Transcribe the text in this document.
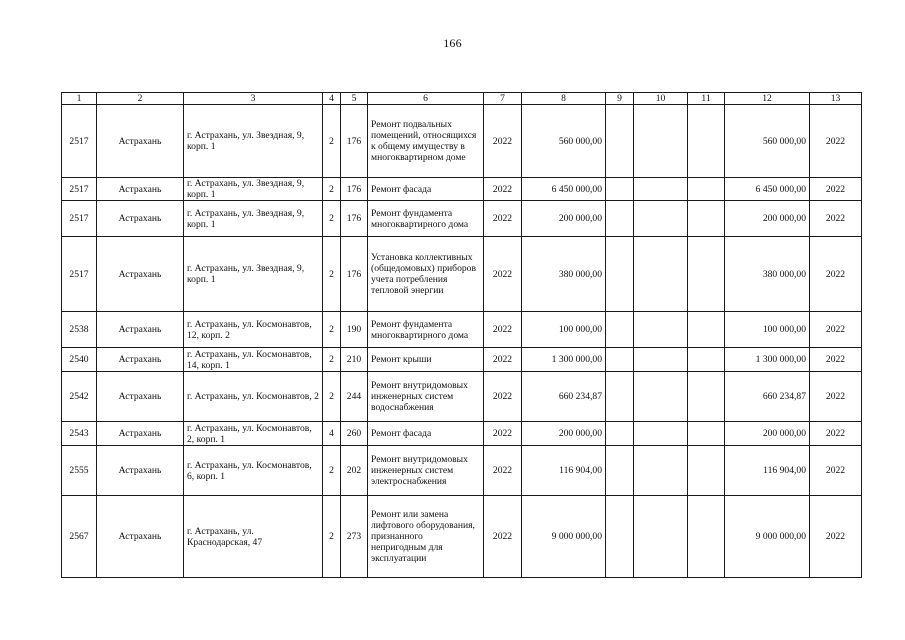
166
1	2	3	4	5	6	7	8	9	10	11	12	13
2517	Астрахань	г. Астрахань, ул. Звездная, 9, корп. 1	2	176	Ремонт подвальных помещений, относящихся к общему имуществу в многоквартирном доме	2022	560 000,00				560 000,00	2022
2517	Астрахань	г. Астрахань, ул. Звездная, 9, корп. 1	2	176	Ремонт фасада	2022	6 450 000,00				6 450 000,00	2022
2517	Астрахань	г. Астрахань, ул. Звездная, 9, корп. 1	2	176	Ремонт фундамента многоквартирного дома	2022	200 000,00				200 000,00	2022
2517	Астрахань	г. Астрахань, ул. Звездная, 9, корп. 1	2	176	Установка коллективных (общедомовых) приборов учета потребления тепловой энергии	2022	380 000,00				380 000,00	2022
2538	Астрахань	г. Астрахань, ул. Космонавтов, 12, корп. 2	2	190	Ремонт фундамента многоквартирного дома	2022	100 000,00				100 000,00	2022
2540	Астрахань	г. Астрахань, ул. Космонавтов, 14, корп. 1	2	210	Ремонт крыши	2022	1 300 000,00				1 300 000,00	2022
2542	Астрахань	г. Астрахань, ул. Космонавтов, 2	2	244	Ремонт внутридомовых инженерных систем водоснабжения	2022	660 234,87				660 234,87	2022
2543	Астрахань	г. Астрахань, ул. Космонавтов, 2, корп. 1	4	260	Ремонт фасада	2022	200 000,00				200 000,00	2022
2555	Астрахань	г. Астрахань, ул. Космонавтов, 6, корп. 1	2	202	Ремонт внутридомовых инженерных систем электроснабжения	2022	116 904,00				116 904,00	2022
2567	Астрахань	г. Астрахань, ул. Краснодарская, 47	2	273	Ремонт или замена лифтового оборудования, признанного непригодным для эксплуатации	2022	9 000 000,00				9 000 000,00	2022
